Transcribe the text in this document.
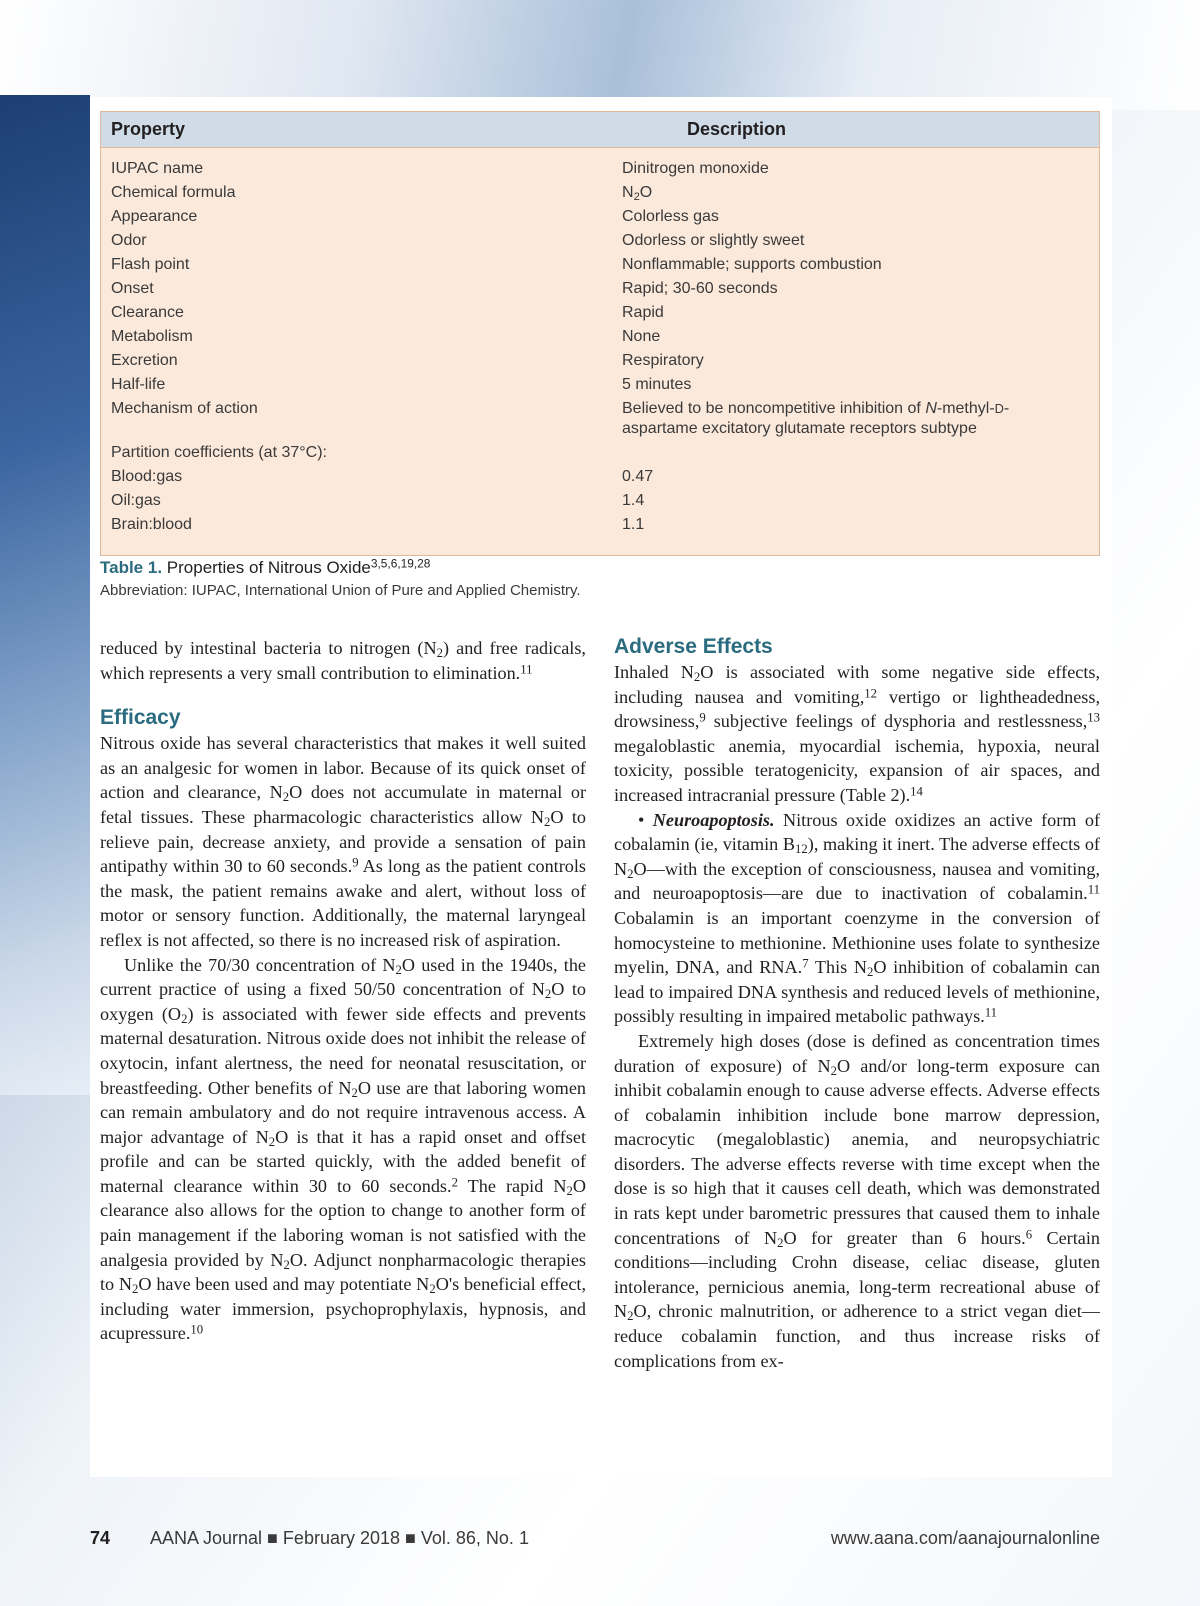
Property	Description
IUPAC name	Dinitrogen monoxide
Chemical formula	$N_2O$
Appearance	Colorless gas
Odor	Odorless or slightly sweet
Flash point	Nonflammable; supports combustion
Onset	Rapid; 30-60 seconds
Clearance	Rapid
Metabolism	None
Excretion	Respiratory
Half-life	5 minutes
Mechanism of action	Believed to be noncompetitive inhibition of N-methyl-D-aspartame excitatory glutamate receptors subtype
Partition coefficients (at 37°C):
Blood:gas	0.47
Oil:gas	1.4
Brain:blood	1.1
Table 1. Properties of Nitrous Oxide$^{3,5,6,19,28}$
Abbreviation: IUPAC, International Union of Pure and Applied Chemistry.

reduced by intestinal bacteria to nitrogen $(N_2)$ and free radicals, which represents a very small contribution to elimination.$^{11}$

Efficacy

Nitrous oxide has several characteristics that makes it well suited as an analgesic for women in labor. Because of its quick onset of action and clearance, $N_2O$ does not accumulate in maternal or fetal tissues. These pharmacologic characteristics allow $N_2O$ to relieve pain, decrease anxiety, and provide a sensation of pain antipathy within 30 to 60 seconds.$^9$ As long as the patient controls the mask, the patient remains awake and alert, without loss of motor or sensory function. Additionally, the maternal laryngeal reflex is not affected, so there is no increased risk of aspiration.

Unlike the 70/30 concentration of $N_2O$ used in the 1940s, the current practice of using a fixed 50/50 concentration of $N_2O$ to oxygen $(O_2)$ is associated with fewer side effects and prevents maternal desaturation. Nitrous oxide does not inhibit the release of oxytocin, infant alertness, the need for neonatal resuscitation, or breastfeeding. Other benefits of $N_2O$ use are that laboring women can remain ambulatory and do not require intravenous access. A major advantage of $N_2O$ is that it has a rapid onset and offset profile and can be started quickly, with the added benefit of maternal clearance within 30 to 60 seconds.$^2$ The rapid $N_2O$ clearance also allows for the option to change to another form of pain management if the laboring woman is not satisfied with the analgesia provided by $N_2O$. Adjunct nonpharmacologic therapies to $N_2O$ have been used and may potentiate $N_2O's$ beneficial effect, including water immersion, psychoprophylaxis, hypnosis, and acupressure.$^{10}$

Adverse Effects

Inhaled $N_2O$ is associated with some negative side effects, including nausea and vomiting,$^{12}$ vertigo or lightheadedness, drowsiness,$^9$ subjective feelings of dysphoria and restlessness,$^{13}$ megaloblastic anemia, myocardial ischemia, hypoxia, neural toxicity, possible teratogenicity, expansion of air spaces, and increased intracranial pressure (Table 2).$^{14}$

• Neuroapoptosis. Nitrous oxide oxidizes an active form of cobalamin (ie, vitamin $B_{12}$), making it inert. The adverse effects of $N_2O—with$ the exception of consciousness, nausea and vomiting, and neuroapoptosis—are due to inactivation of cobalamin.$^{11}$ Cobalamin is an important coenzyme in the conversion of homocysteine to methionine. Methionine uses folate to synthesize myelin, DNA, and RNA.$^7$ This $N_2O$ inhibition of cobalamin can lead to impaired DNA synthesis and reduced levels of methionine, possibly resulting in impaired metabolic pathways.$^{11}$

Extremely high doses (dose is defined as concentration times duration of exposure) of $N_2O$ and/or long-term exposure can inhibit cobalamin enough to cause adverse effects. Adverse effects of cobalamin inhibition include bone marrow depression, macrocytic (megaloblastic) anemia, and neuropsychiatric disorders. The adverse effects reverse with time except when the dose is so high that it causes cell death, which was demonstrated in rats kept under barometric pressures that caused them to inhale concentrations of $N_2O$ for greater than 6 hours.$^6$ Certain conditions—including Crohn disease, celiac disease, gluten intolerance, pernicious anemia, long-term recreational abuse of $N_2O$, chronic malnutrition, or adherence to a strict vegan diet—reduce cobalamin function, and thus increase risks of complications from ex-

74 AANA Journal ■ February 2018 ■ Vol. 86, No. 1	www.aana.com/aanajournalonline
